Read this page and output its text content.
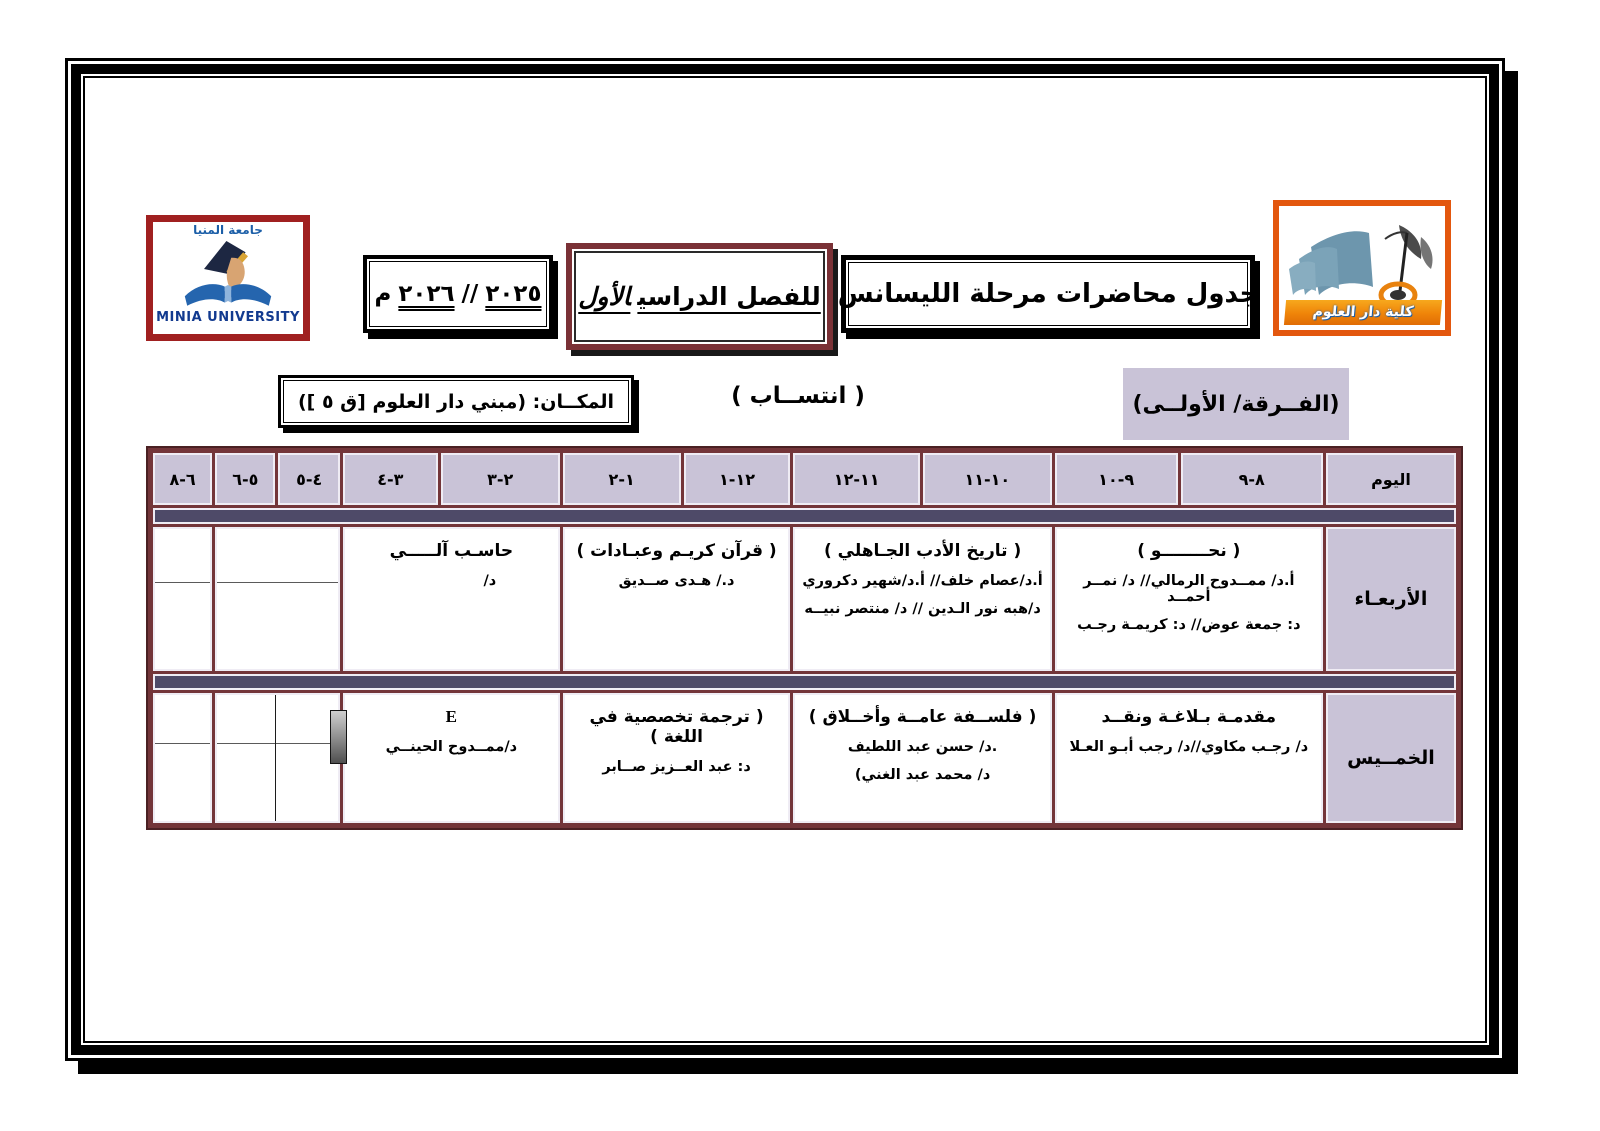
كلية دار العلوم
جدول محاضرات مرحلة الليسانس
للفصل الدراسيالأول
٢٠٢٥
//
٢٠٢٦
م
جامعة المنيا
MINIA UNIVERSITY
(الفــرقة/ الأولــى)
( انتســاب )
المكــان: (مبني دار العلوم [ق ٥ ])
اليوم
٨-٩
٩-١٠
١٠-١١
١١-١٢
١٢-١
١-٢
٢-٣
٣-٤
٤-٥
٥-٦
٦-٨
الأربعـاء
( نحــــــــو )
أ.د/ ممــدوح الرمالي// د/ نمــر أحمــد
د: جمعة عوض// د: كريمـة رجـب
( تاريخ الأدب الجـاهلي )
أ.د/عصام خلف// أ.د/شهير دكروري
د/هبه نور الـدين // د/ منتصر نبيــه
( قرآن كريـم وعبـادات )
د./ هـدى صــديق
حاسـب آلـــــي
د/
الخمــيس
مقدمـة بـلاغـة ونقــد
د/ رجـب مكاوي//د/ رجب أبـو العـلا
( فلســفة عامــة وأخــلاق )
.د/ حسن عبد اللطيف
د/ محمد عبد الغني)
( ترجمة تخصصية في اللغة )
د: عبد العــزيز صــابر
E
د/ممــدوح الحينــي
